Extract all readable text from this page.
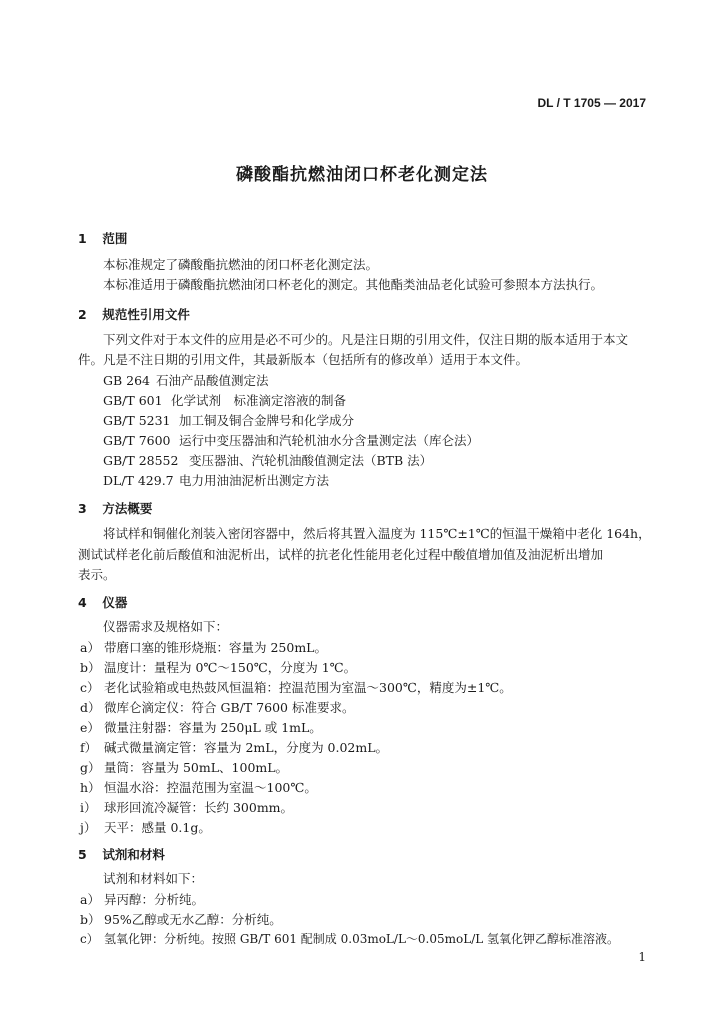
DL / T 1705 — 2017
磷酸酯抗燃油闭口杯老化测定法
1 范围
本标准规定了磷酸酯抗燃油的闭口杯老化测定法。
本标准适用于磷酸酯抗燃油闭口杯老化的测定。其他酯类油品老化试验可参照本方法执行。
2 规范性引用文件
下列文件对于本文件的应用是必不可少的。凡是注日期的引用文件，仅注日期的版本适用于本文
件。凡是不注日期的引用文件，其最新版本（包括所有的修改单）适用于本文件。
GB 264 石油产品酸值测定法
GB/T 601 化学试剂　标准滴定溶液的制备
GB/T 5231 加工铜及铜合金牌号和化学成分
GB/T 7600 运行中变压器油和汽轮机油水分含量测定法（库仑法）
GB/T 28552 变压器油、汽轮机油酸值测定法（BTB 法）
DL/T 429.7 电力用油油泥析出测定方法
3 方法概要
将试样和铜催化剂装入密闭容器中，然后将其置入温度为 115℃±1℃的恒温干燥箱中老化 164h，
测试试样老化前后酸值和油泥析出，试样的抗老化性能用老化过程中酸值增加值及油泥析出增加
表示。
4 仪器
仪器需求及规格如下：
a） 带磨口塞的锥形烧瓶：容量为 250mL。
b） 温度计：量程为 0℃～150℃，分度为 1℃。
c） 老化试验箱或电热鼓风恒温箱：控温范围为室温～300℃，精度为±1℃。
d） 微库仑滴定仪：符合 GB/T 7600 标准要求。
e） 微量注射器：容量为 250μL 或 1mL。
f） 碱式微量滴定管：容量为 2mL，分度为 0.02mL。
g） 量筒：容量为 50mL、100mL。
h） 恒温水浴：控温范围为室温～100℃。
i） 球形回流冷凝管：长约 300mm。
j） 天平：感量 0.1g。
5 试剂和材料
试剂和材料如下：
a） 异丙醇：分析纯。
b） 95%乙醇或无水乙醇：分析纯。
c） 氢氧化钾：分析纯。按照 GB/T 601 配制成 0.03moL/L～0.05moL/L 氢氧化钾乙醇标准溶液。
1
